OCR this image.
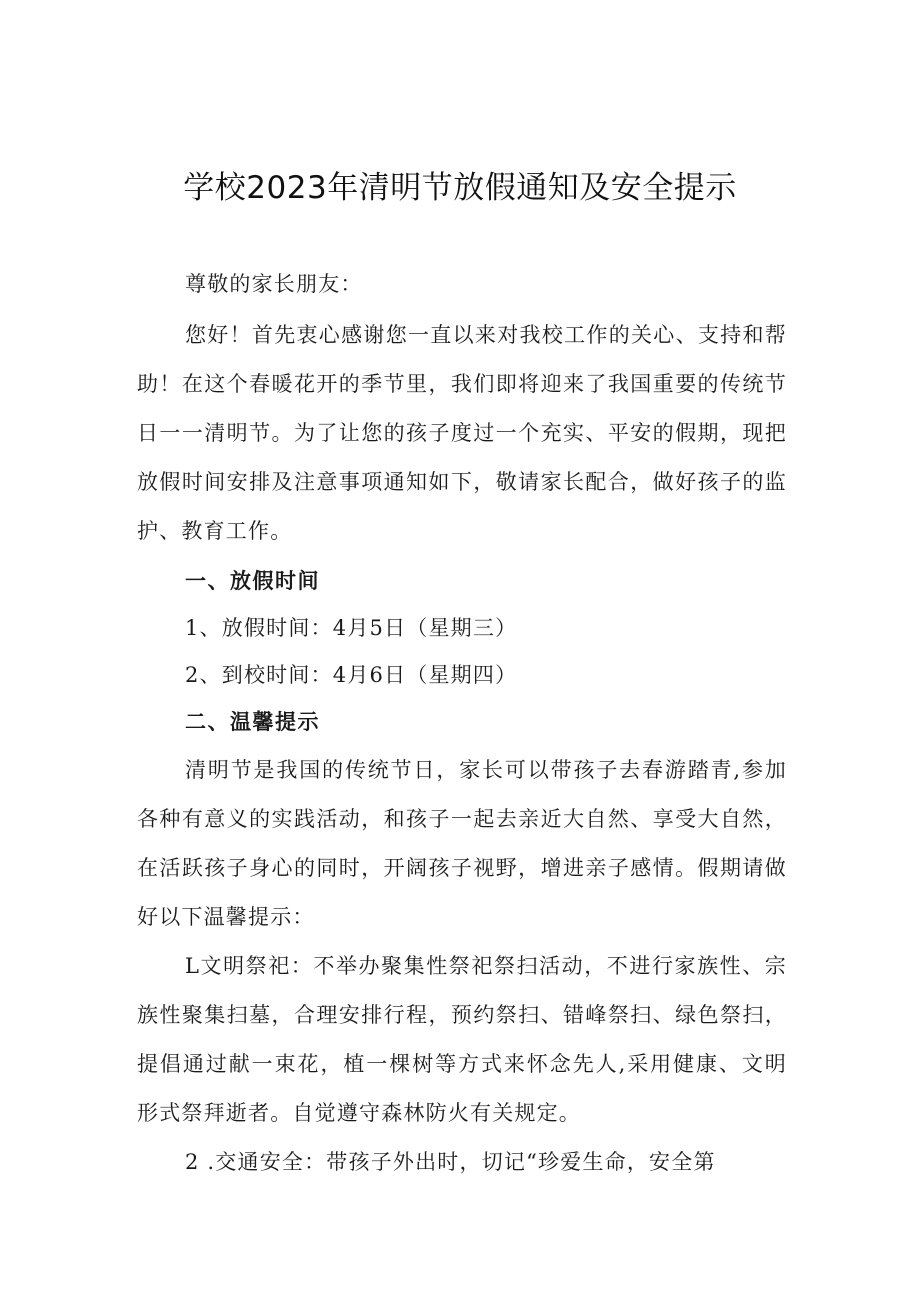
学校2023年清明节放假通知及安全提示

尊敬的家长朋友：

您好！首先衷心感谢您一直以来对我校工作的关心、支持和帮助！在这个春暖花开的季节里，我们即将迎来了我国重要的传统节日一一清明节。为了让您的孩子度过一个充实、平安的假期，现把放假时间安排及注意事项通知如下，敬请家长配合，做好孩子的监护、教育工作。

一、放假时间

1、放假时间：4月5日（星期三）

2、到校时间：4月6日（星期四）

二、温馨提示

清明节是我国的传统节日，家长可以带孩子去春游踏青,参加各种有意义的实践活动，和孩子一起去亲近大自然、享受大自然，在活跃孩子身心的同时，开阔孩子视野，增进亲子感情。假期请做好以下温馨提示：

L文明祭祀：不举办聚集性祭祀祭扫活动，不进行家族性、宗族性聚集扫墓，合理安排行程，预约祭扫、错峰祭扫、绿色祭扫，提倡通过献一束花，植一棵树等方式来怀念先人,采用健康、文明形式祭拜逝者。自觉遵守森林防火有关规定。

2 .交通安全：带孩子外出时，切记“珍爱生命，安全第
